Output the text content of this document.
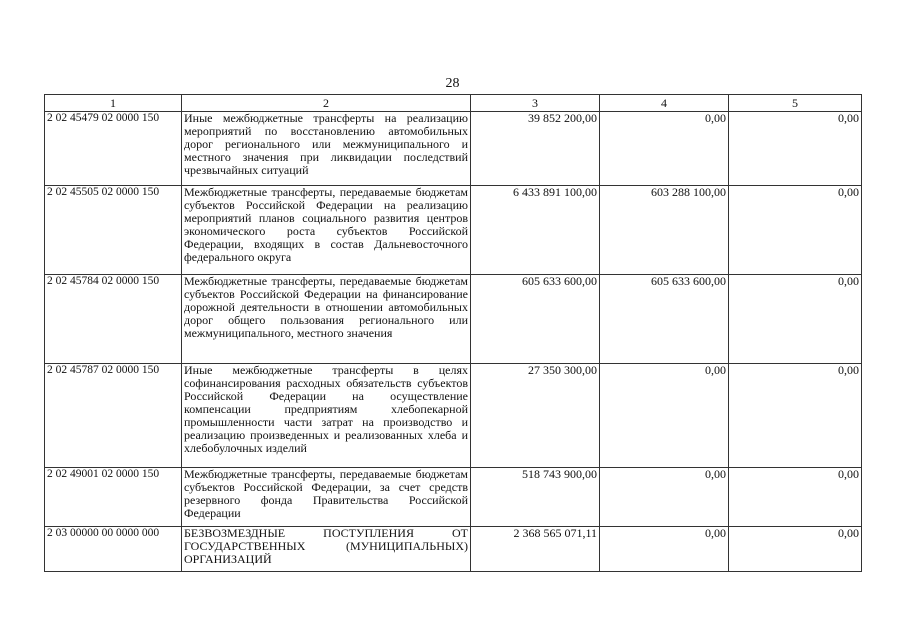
28
1	2	3	4	5
2 02 45479 02 0000 150	Иные межбюджетные трансферты на реализацию мероприятий по восстановлению автомобильных дорог регионального или межмуниципального и местного значения при ликвидации последствий чрезвычайных ситуаций	39 852 200,00	0,00	0,00
2 02 45505 02 0000 150	Межбюджетные трансферты, передаваемые бюджетам субъектов Российской Федерации на реализацию мероприятий планов социального развития центров экономического роста субъектов Российской Федерации, входящих в состав Дальневосточного федерального округа	6 433 891 100,00	603 288 100,00	0,00
2 02 45784 02 0000 150	Межбюджетные трансферты, передаваемые бюджетам субъектов Российской Федерации на финансирование дорожной деятельности в отношении автомобильных дорог общего пользования регионального или межмуниципального, местного значения	605 633 600,00	605 633 600,00	0,00
2 02 45787 02 0000 150	Иные межбюджетные трансферты в целях софинансирования расходных обязательств субъектов Российской Федерации на осуществление компенсации предприятиям хлебопекарной промышленности части затрат на производство и реализацию произведенных и реализованных хлеба и хлебобулочных изделий	27 350 300,00	0,00	0,00
2 02 49001 02 0000 150	Межбюджетные трансферты, передаваемые бюджетам субъектов Российской Федерации, за счет средств резервного фонда Правительства Российской Федерации	518 743 900,00	0,00	0,00
2 03 00000 00 0000 000	БЕЗВОЗМЕЗДНЫЕ ПОСТУПЛЕНИЯ ОТ ГОСУДАРСТВЕННЫХ (МУНИЦИПАЛЬНЫХ) ОРГАНИЗАЦИЙ	2 368 565 071,11	0,00	0,00
